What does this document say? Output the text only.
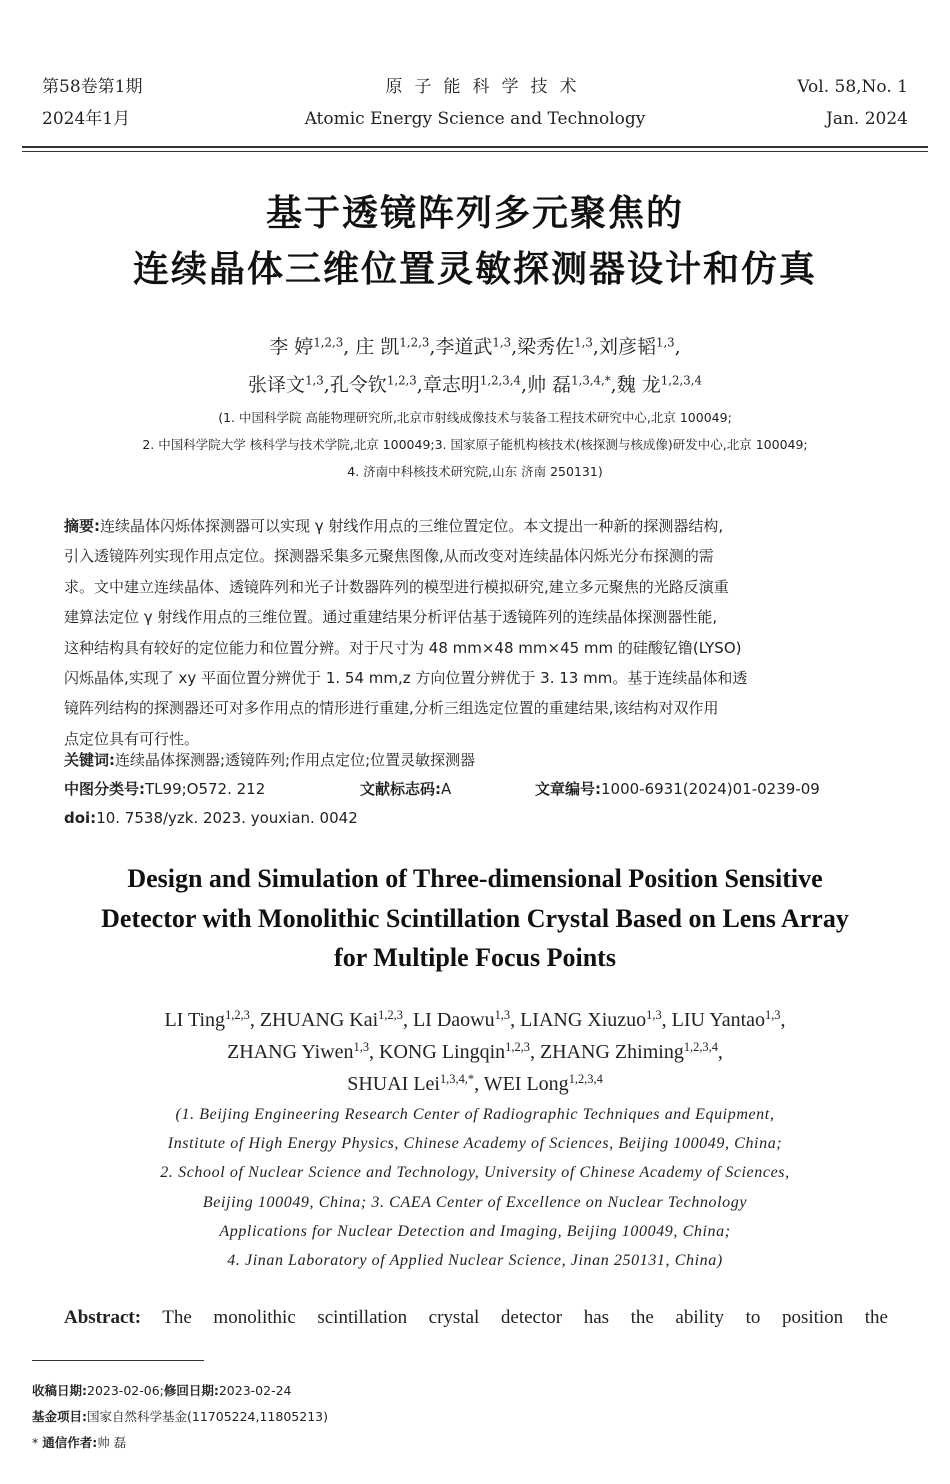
第58卷第1期
2024年1月
原子能科学技术
Atomic Energy Science and Technology
Vol. 58,No. 1
Jan. 2024
基于透镜阵列多元聚焦的
连续晶体三维位置灵敏探测器设计和仿真
李 婷$^{1,2,3}$, 庄 凯$^{1,2,3}$,李道武$^{1,3}$,梁秀佐$^{1,3}$,刘彦韬$^{1,3}$,
张译文$^{1,3}$,孔令钦$^{1,2,3}$,章志明$^{1,2,3,4}$,帅 磊$^{1,3,4,*}$,魏 龙$^{1,2,3,4}$
(1. 中国科学院 高能物理研究所,北京市射线成像技术与装备工程技术研究中心,北京 100049;
2. 中国科学院大学 核科学与技术学院,北京 100049;3. 国家原子能机构核技术(核探测与核成像)研发中心,北京 100049;
4. 济南中科核技术研究院,山东 济南 250131)
摘要:连续晶体闪烁体探测器可以实现 γ 射线作用点的三维位置定位。本文提出一种新的探测器结构,
引入透镜阵列实现作用点定位。探测器采集多元聚焦图像,从而改变对连续晶体闪烁光分布探测的需
求。文中建立连续晶体、透镜阵列和光子计数器阵列的模型进行模拟研究,建立多元聚焦的光路反演重
建算法定位 γ 射线作用点的三维位置。通过重建结果分析评估基于透镜阵列的连续晶体探测器性能,
这种结构具有较好的定位能力和位置分辨。对于尺寸为 48 mm×48 mm×45 mm 的硅酸钇镥(LYSO)
闪烁晶体,实现了 xy 平面位置分辨优于 1. 54 mm,z 方向位置分辨优于 3. 13 mm。基于连续晶体和透
镜阵列结构的探测器还可对多作用点的情形进行重建,分析三组选定位置的重建结果,该结构对双作用
点定位具有可行性。
关键词:连续晶体探测器;透镜阵列;作用点定位;位置灵敏探测器
中图分类号:TL99;O572. 212	文献标志码:A	文章编号:1000-6931(2024)01-0239-09
doi:10. 7538/yzk. 2023. youxian. 0042
Design and Simulation of Three-dimensional Position Sensitive
Detector with Monolithic Scintillation Crystal Based on Lens Array
for Multiple Focus Points
LI Ting$^{1,2,3}$, ZHUANG Kai$^{1,2,3}$, LI Daowu$^{1,3}$, LIANG Xiuzuo$^{1,3}$, LIU Yantao$^{1,3}$,
ZHANG Yiwen$^{1,3}$, KONG Lingqin$^{1,2,3}$, ZHANG Zhiming$^{1,2,3,4}$,
SHUAI Lei$^{1,3,4,*}$, WEI Long$^{1,2,3,4}$
(1. Beijing Engineering Research Center of Radiographic Techniques and Equipment,
Institute of High Energy Physics, Chinese Academy of Sciences, Beijing 100049, China;
2. School of Nuclear Science and Technology, University of Chinese Academy of Sciences,
Beijing 100049, China; 3. CAEA Center of Excellence on Nuclear Technology
Applications for Nuclear Detection and Imaging, Beijing 100049, China;
4. Jinan Laboratory of Applied Nuclear Science, Jinan 250131, China)
Abstract: The monolithic scintillation crystal detector has the ability to position the
收稿日期:2023-02-06;修回日期:2023-02-24
基金项目:国家自然科学基金(11705224,11805213)
* 通信作者:帅 磊
